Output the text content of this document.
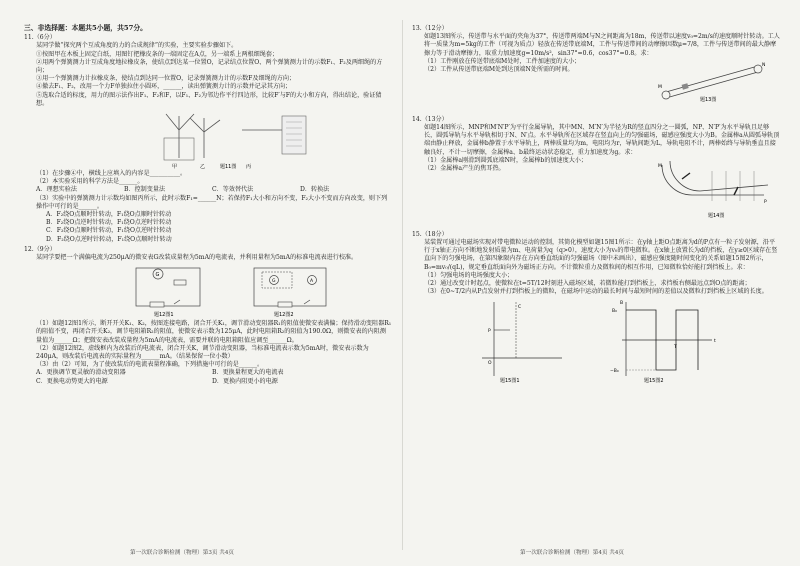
三、非选择题：本题共5小题，共57分。

11.（6分）

某同学做“探究两个互成角度的力的合成规律”的实验，主要实验步骤如下。

①按图甲在木板上固定白纸，用图钉把橡皮条的一端固定在A点，另一端系上两根细绳套；

②用两个弹簧测力计互成角度地拉橡皮条，使结点到达某一位置O，记录结点位置O、两个弹簧测力计的示数F₁、F₂及两细绳的方向；

③用一个弹簧测力计拉橡皮条，使结点到达同一位置O，记录弹簧测力计的示数F及细绳的方向；

④撤去F₁、F₂，改用一个力F单独拉住小圆环，______，读出弹簧测力计的示数并记录其方向；

⑤选取合适的标度，用力的图示法作出F₁、F₂和F，以F₁、F₂为邻边作平行四边形，比较F′与F的大小和方向，得出结论，验证猜想。

甲	乙	丙
题11图

（1）在步骤④中，横线上应填入的内容是__________。

（2）本实验采用的科学方法是______。

A．理想实验法	B．控制变量法	C．等效替代法	D．转换法

（3）实验中的弹簧测力计示数均如图丙所示，此时示数F₁=______N；若保持F₁大小和方向不变，F₂大小不变而方向改变，则下列操作中可行的是______。

A．F₂绕O点顺时针转动，F₁绕O点顺时针转动

B．F₂绕O点逆时针转动，F₁绕O点逆时针转动

C．F₂绕O点顺时针转动，F₁绕O点逆时针转动

D．F₂绕O点逆时针转动，F₁绕O点顺时针转动

12.（9分）

某同学要把一个满偏电流为250μA的微安表G改装成量程为5mA的电流表，并利用量程为5mA的标准电流表进行校准。

G
题12图1
G	A
题12图2

（1）如题12图1所示，断开开关K₁、K₂，按图连接电路，闭合开关K₁，调节滑动变阻器R₁的阻值使微安表满偏；保持滑动变阻器R₁的阻值不变，再闭合开关K₂，调节电阻箱R₂的阻值，使微安表示数为125μA，此时电阻箱R₂的阻值为190.0Ω，则微安表的内阻测量值为______Ω；把微安表改装成量程为5mA的电流表，需要并联的电阻箱阻值应调至______Ω。

（2）如题12图2，虚线框内为改装后的电流表，闭合开关K，调节滑动变阻器，当标准电流表示数为5mA时，微安表示数为240μA，则改装后电流表的实际量程为______mA。（结果保留一位小数）

（3）由（2）可知，为了使改装后的电流表量程准确，下列措施中可行的是______。

A．更换调节更灵敏的滑动变阻器	B．更换量程更大的电流表
C．更换电动势更大的电源	D．更换内阻更小的电源

13.（12分）

如题13图所示，传送带与水平面的夹角为37°，传送带两端M与N之间距离为18m，传送带以速度v₀=2m/s的速度顺时针转动。工人将一质量为m=5kg的工件（可视为质点）轻放在传送带底端M，工件与传送带间的动摩擦因数μ=7/8，工件与传送带间的最大静摩擦力等于滑动摩擦力，取重力加速度g=10m/s²，sin37°=0.6，cos37°=0.8。求：

（1）工件刚放在传送带底端M处时，工件加速度的大小；

（2）工件从传送带底端M处到达顶端N处所需的时间。

M
N
题13图

14.（13分）

如题14图所示，MNP和M′N′P′为平行金属导轨，其中MN、M′N′为半径为R的竖直四分之一圆弧，NP、N′P′为水平导轨且足够长，圆弧导轨与水平导轨相切于N、N′点。水平导轨所在区域存在竖直向上的匀强磁场，磁感应强度大小为B。金属棒a从圆弧导轨顶端由静止释放，金属棒b静置于水平导轨上，两棒质量均为m，电阻均为r，导轨间距为L，导轨电阻不计，两棒始终与导轨垂直且接触良好，不计一切摩擦，金属棒a、b最终运动状态稳定，重力加速度为g。求：

（1）金属棒a刚滑到圆弧底端N时，金属棒b的加速度大小；

（2）金属棒a产生的焦耳热。	M
P
题14图

15.（18分）

某装置可通过电磁场实现对带电微粒运动的控制，其简化模型如题15图1所示：在y轴上距O点距离为d的P点有一粒子发射源，沿平行于x轴正方向不断地发射质量为m、电荷量为q（q>0），速度大小为v₀的带电微粒。在x轴上放置长为d的挡板，在y≥0区域存在竖直向下的匀强电场，在第四象限内存在方向垂直纸面的匀强磁场（图中未画出），磁感应强度随时间变化的关系如题15图2所示，B₀=mv₀/(qL)，规定垂直纸面向外为磁场正方向。不计微粒重力及微粒间的相互作用，已知微粒恰好能打到挡板上。求：

（1）匀强电场的电场强度大小；

（2）通过改变计时起点，使微粒在t=5T/12时刻进入磁场区域，若微粒能打到挡板上，求挡板右侧最远点到O点的距离；

（3）在0~T/2内从P点发射并打到挡板上的微粒，在磁场中运动的最长时间与最短时间的差值以及微粒打到挡板上区域的长度。

P
O
C
题15图1
B
B₀
−B₀
t
T
题15图2
第一次联合诊断检测（物理）第3页 共4页	第一次联合诊断检测（物理）第4页 共4页
